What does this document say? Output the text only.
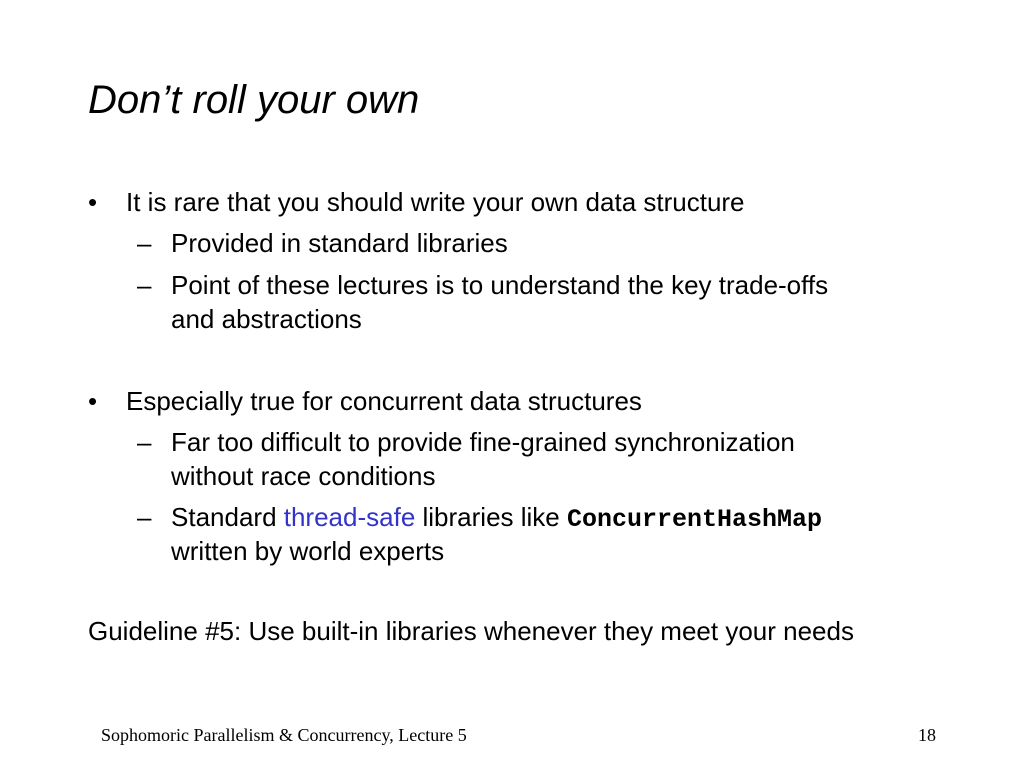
Don’t roll your own
• It is rare that you should write your own data structure
– Provided in standard libraries
– Point of these lectures is to understand the key trade-offs
and abstractions
• Especially true for concurrent data structures
– Far too difficult to provide fine-grained synchronization
without race conditions
– Standard thread-safe libraries like ConcurrentHashMap
written by world experts
Guideline #5: Use built-in libraries whenever they meet your needs
Sophomoric Parallelism & Concurrency, Lecture 5	18
